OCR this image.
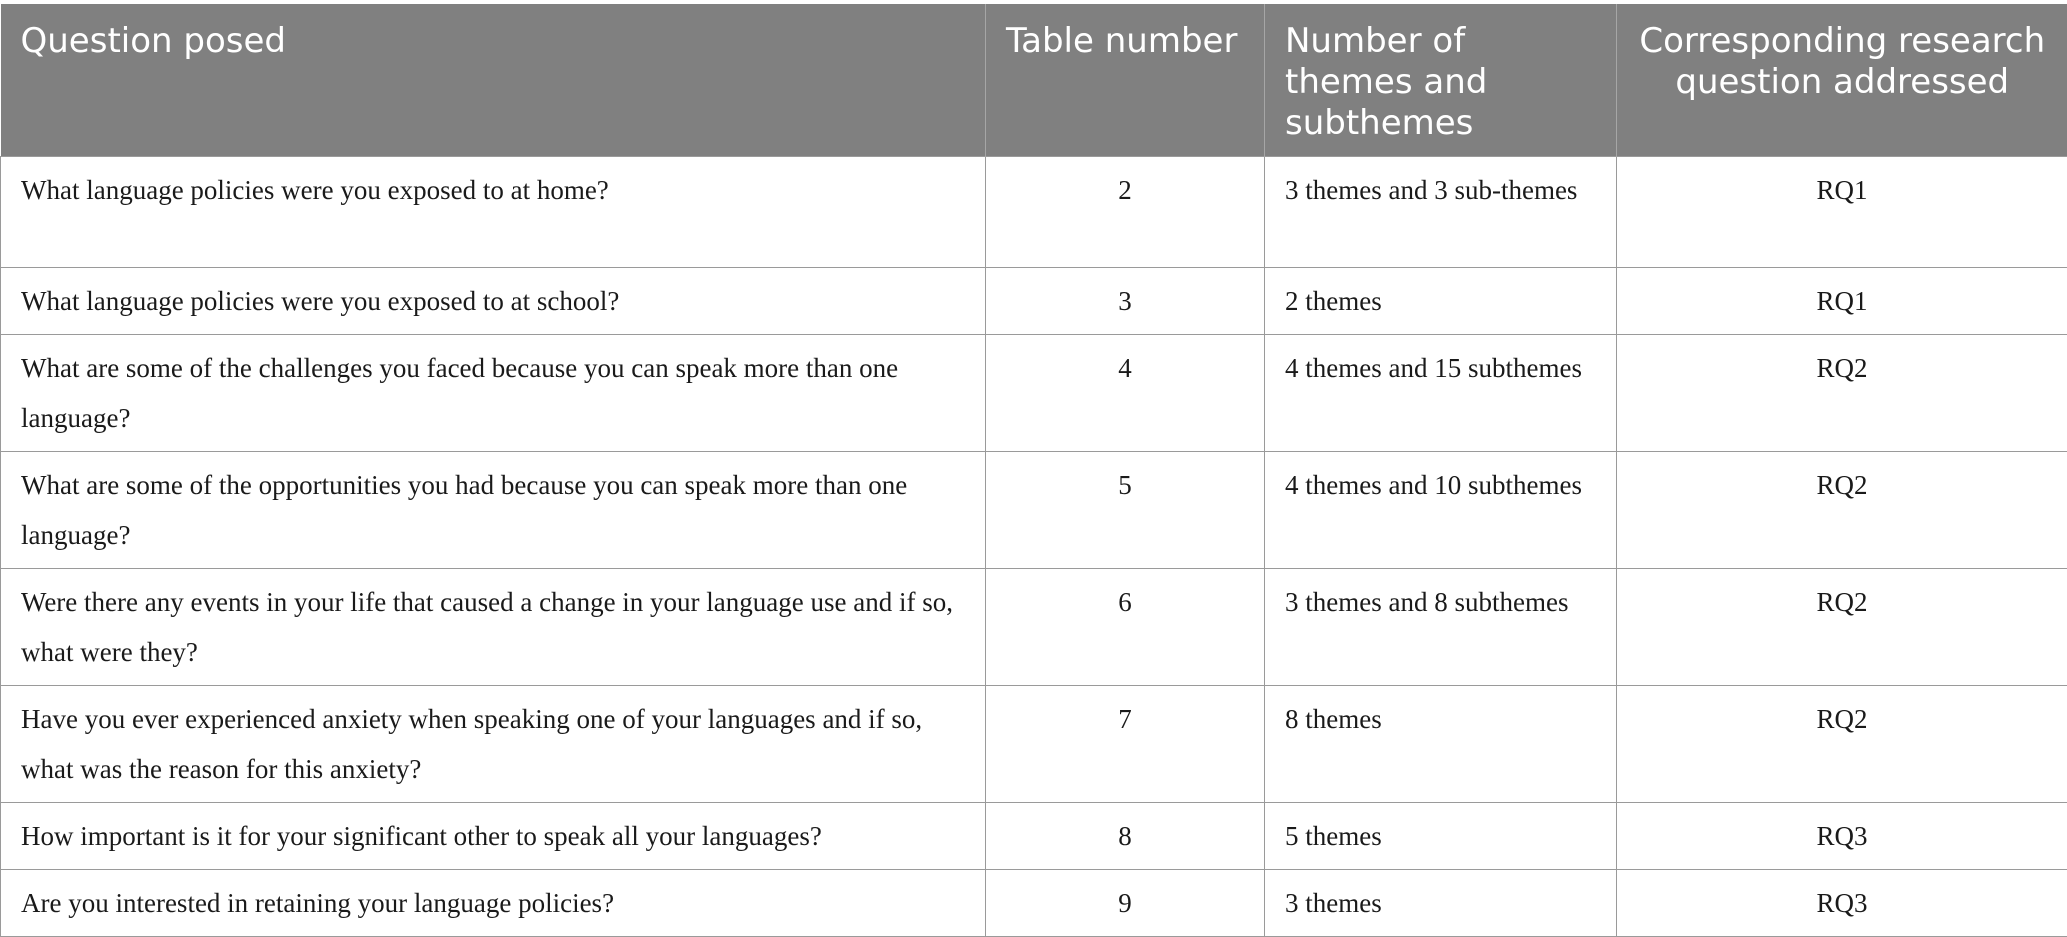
Question posed	Table number	Number of themes and subthemes	Corresponding research question addressed
What language policies were you exposed to at home?	2	3 themes and 3 sub-themes	RQ1
What language policies were you exposed to at school?	3	2 themes	RQ1
What are some of the challenges you faced because you can speak more than one language?	4	4 themes and 15 subthemes	RQ2
What are some of the opportunities you had because you can speak more than one language?	5	4 themes and 10 subthemes	RQ2
Were there any events in your life that caused a change in your language use and if so, what were they?	6	3 themes and 8 subthemes	RQ2
Have you ever experienced anxiety when speaking one of your languages and if so, what was the reason for this anxiety?	7	8 themes	RQ2
How important is it for your significant other to speak all your languages?	8	5 themes	RQ3
Are you interested in retaining your language policies?	9	3 themes	RQ3
